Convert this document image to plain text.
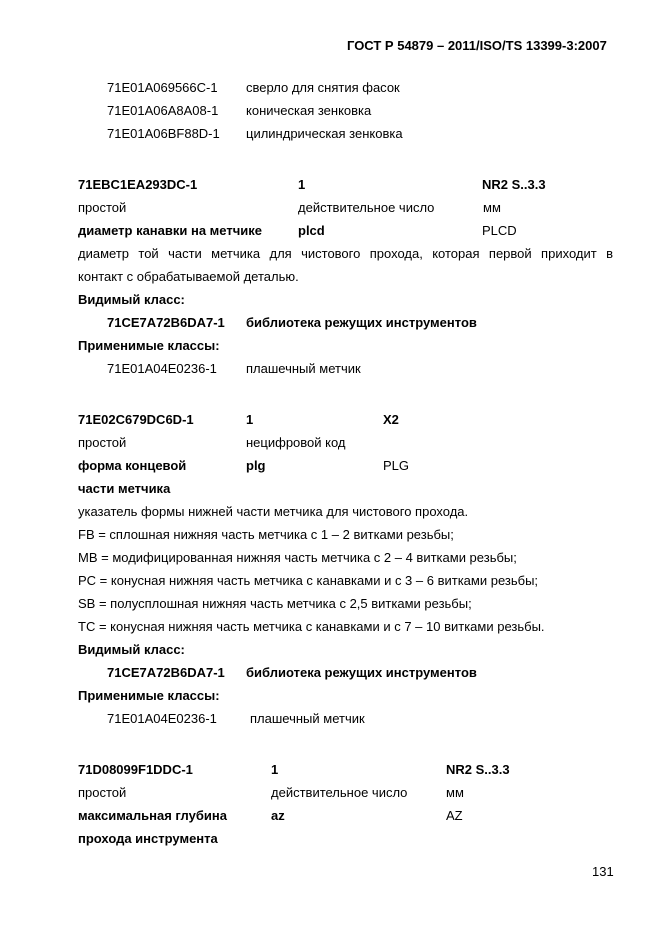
ГОСТ Р 54879 – 2011/ISO/TS 13399-3:2007
71E01A069566C-1 сверло для снятия фасок
71E01A06A8A08-1 коническая зенковка
71E01A06BF88D-1 цилиндрическая зенковка
71EBC1EA293DC-1	1	NR2 S..3.3
простой	действительное число	мм
диаметр канавки на метчике	plcd	PLCD
диаметр той части метчика для чистового прохода, которая первой приходит в
контакт с обрабатываемой деталью.
Видимый класс:
71CE7A72B6DA7-1 библиотека режущих инструментов
Применимые классы:
71E01A04E0236-1 плашечный метчик
71E02C679DC6D-1	1	X2
простой	нецифровой код
форма концевой	plg	PLG
части метчика
указатель формы нижней части метчика для чистового прохода.
FB = сплошная нижняя часть метчика с 1 – 2 витками резьбы;
MB = модифицированная нижняя часть метчика с 2 – 4 витками резьбы;
PC = конусная нижняя часть метчика с канавками и с 3 – 6 витками резьбы;
SB = полусплошная нижняя часть метчика с 2,5 витками резьбы;
TC = конусная нижняя часть метчика с канавками и с 7 – 10 витками резьбы.
Видимый класс:
71CE7A72B6DA7-1 библиотека режущих инструментов
Применимые классы:
71E01A04E0236-1	плашечный метчик
71D08099F1DDC-1	1	NR2 S..3.3
простой	действительное число	мм
максимальная глубина	az	AZ
прохода инструмента
131
